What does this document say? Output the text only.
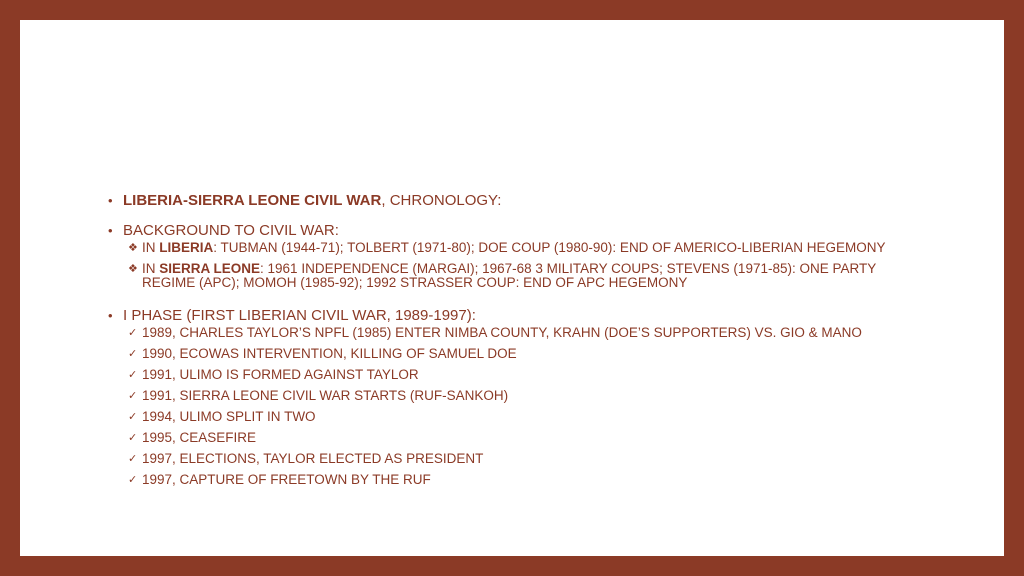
• LIBERIA-SIERRA LEONE CIVIL WAR, CHRONOLOGY:
• BACKGROUND TO CIVIL WAR:
❖ IN LIBERIA: TUBMAN (1944-71); TOLBERT (1971-80); DOE COUP (1980-90): END OF AMERICO-LIBERIAN HEGEMONY
❖ IN SIERRA LEONE: 1961 INDEPENDENCE (MARGAI); 1967-68 3 MILITARY COUPS; STEVENS (1971-85): ONE PARTY REGIME (APC); MOMOH (1985-92); 1992 STRASSER COUP: END OF APC HEGEMONY
• I PHASE (FIRST LIBERIAN CIVIL WAR, 1989-1997):
✓ 1989, CHARLES TAYLOR’S NPFL (1985) ENTER NIMBA COUNTY, KRAHN (DOE’S SUPPORTERS) VS. GIO & MANO
✓ 1990, ECOWAS INTERVENTION, KILLING OF SAMUEL DOE
✓ 1991, ULIMO IS FORMED AGAINST TAYLOR
✓ 1991, SIERRA LEONE CIVIL WAR STARTS (RUF-SANKOH)
✓ 1994, ULIMO SPLIT IN TWO
✓ 1995, CEASEFIRE
✓ 1997, ELECTIONS, TAYLOR ELECTED AS PRESIDENT
✓ 1997, CAPTURE OF FREETOWN BY THE RUF
